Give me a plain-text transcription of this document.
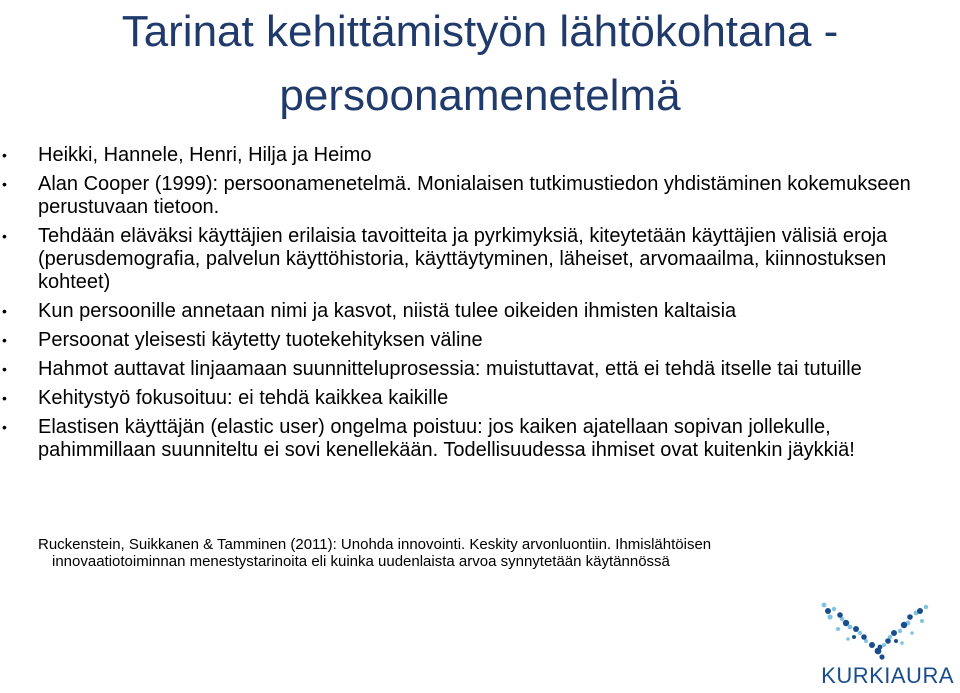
Tarinat kehittämistyön lähtökohtana -
persoonamenetelmä
• Heikki, Hannele, Henri, Hilja ja Heimo
• Alan Cooper (1999): persoonamenetelmä. Monialaisen tutkimustiedon yhdistäminen kokemukseen perustuvaan tietoon.
• Tehdään eläväksi käyttäjien erilaisia tavoitteita ja pyrkimyksiä, kiteytetään käyttäjien välisiä eroja (perusdemografia, palvelun käyttöhistoria, käyttäytyminen, läheiset, arvomaailma, kiinnostuksen kohteet)
• Kun persoonille annetaan nimi ja kasvot, niistä tulee oikeiden ihmisten kaltaisia
• Persoonat yleisesti käytetty tuotekehityksen väline
• Hahmot auttavat linjaamaan suunnitteluprosessia: muistuttavat, että ei tehdä itselle tai tutuille
• Kehitystyö fokusoituu: ei tehdä kaikkea kaikille
• Elastisen käyttäjän (elastic user) ongelma poistuu: jos kaiken ajatellaan sopivan jollekulle, pahimmillaan suunniteltu ei sovi kenellekään. Todellisuudessa ihmiset ovat kuitenkin jäykkiä!
Ruckenstein, Suikkanen & Tamminen (2011): Unohda innovointi. Keskity arvonluontiin. Ihmislähtöisen
innovaatiotoiminnan menestystarinoita eli kuinka uudenlaista arvoa synnytetään käytännössä
KURKIAURA
